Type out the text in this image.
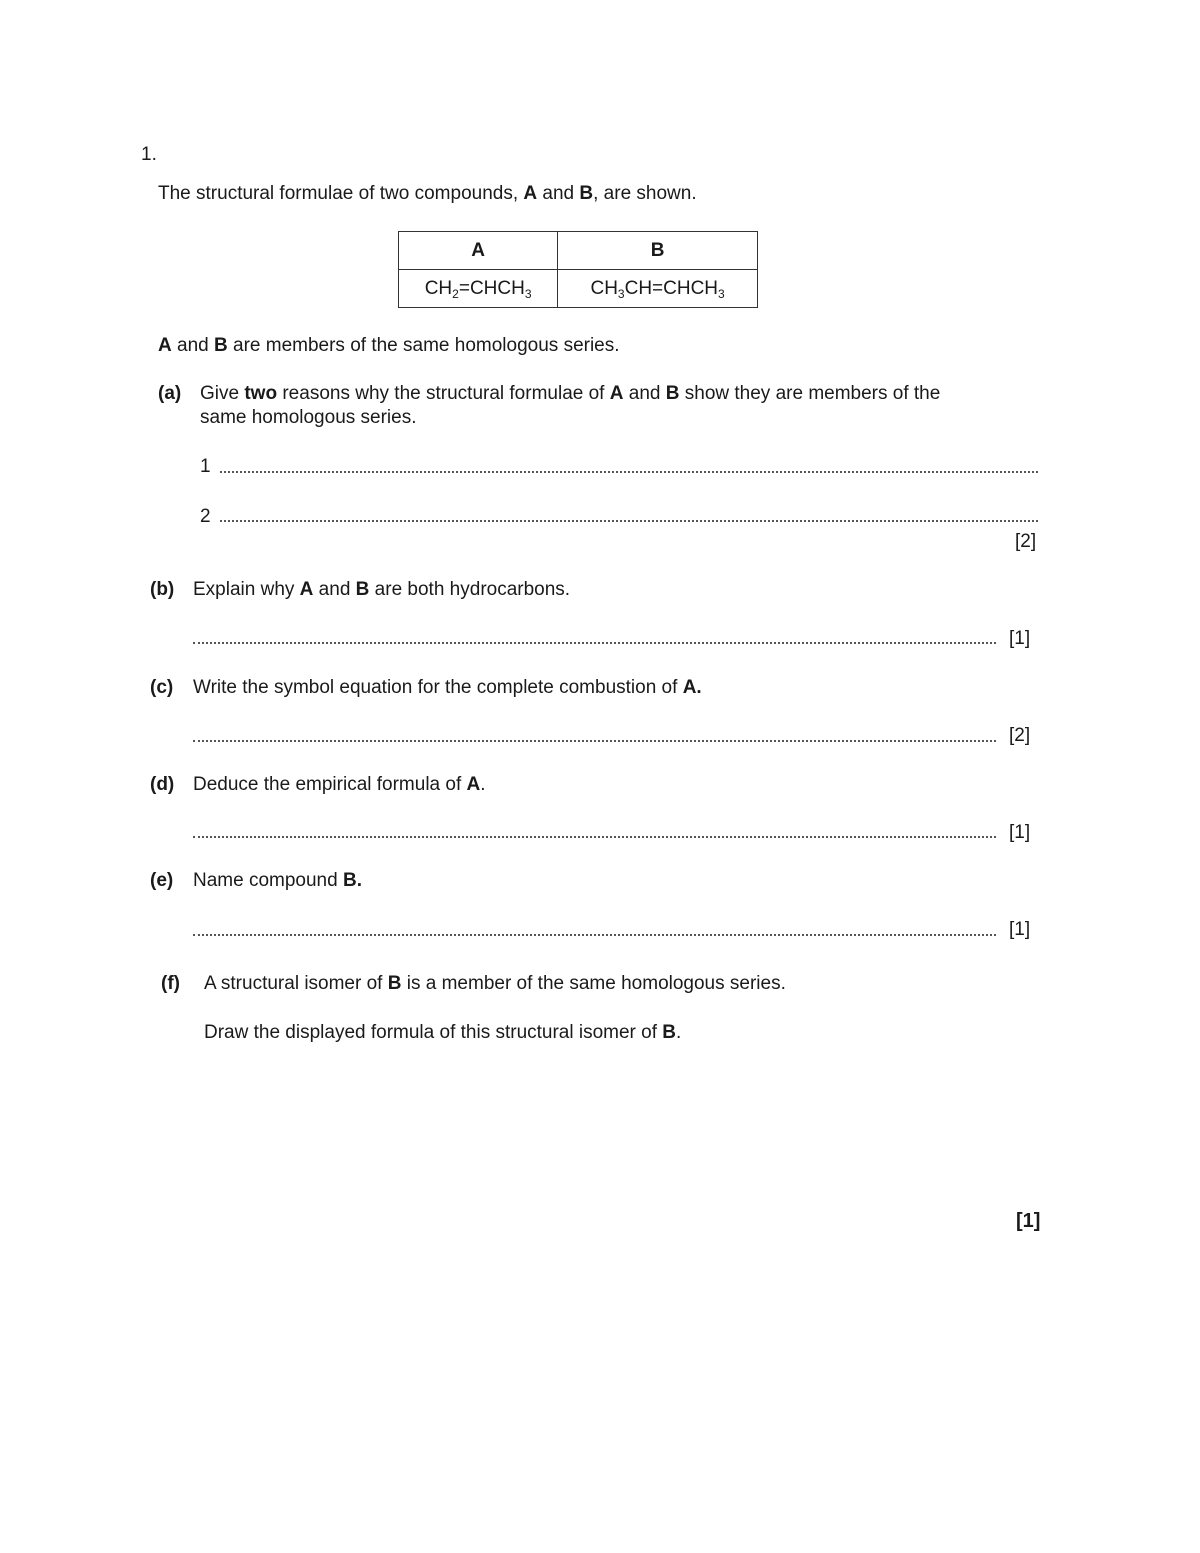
1.
The structural formulae of two compounds, A and B, are shown.
A	B
$CH_2=CHCH_3$	$CH_3CH=CHCH_3$
A and B are members of the same homologous series.
(a) Give two reasons why the structural formulae of A and B show they are members of the
same homologous series.
1
2
[2]
(b) Explain why A and B are both hydrocarbons.
[1]
(c) Write the symbol equation for the complete combustion of A.
[2]
(d) Deduce the empirical formula of A.
[1]
(e) Name compound B.
[1]
(f) A structural isomer of B is a member of the same homologous series.
Draw the displayed formula of this structural isomer of B.
[1]
